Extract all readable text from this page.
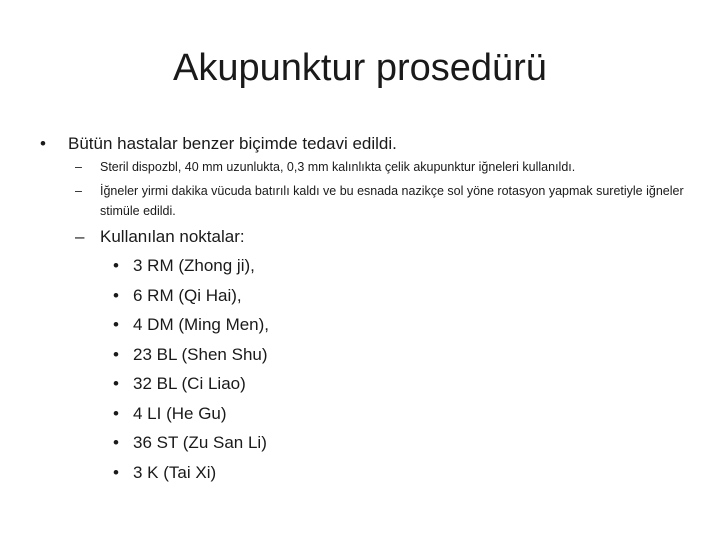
Akupunktur prosedürü
• Bütün hastalar benzer biçimde tedavi edildi.
–	Steril dispozbl, 40 mm uzunlukta, 0,3 mm kalınlıkta çelik akupunktur iğneleri kullanıldı.
–	İğneler yirmi dakika vücuda batırılı kaldı ve bu esnada nazikçe sol yöne rotasyon yapmak suretiyle iğneler stimüle edildi.
– Kullanılan noktalar:
• 3 RM (Zhong ji),
• 6 RM (Qi Hai),
• 4 DM (Ming Men),
• 23 BL (Shen Shu)
• 32 BL (Ci Liao)
• 4 LI (He Gu)
• 36 ST (Zu San Li)
• 3 K (Tai Xi)
